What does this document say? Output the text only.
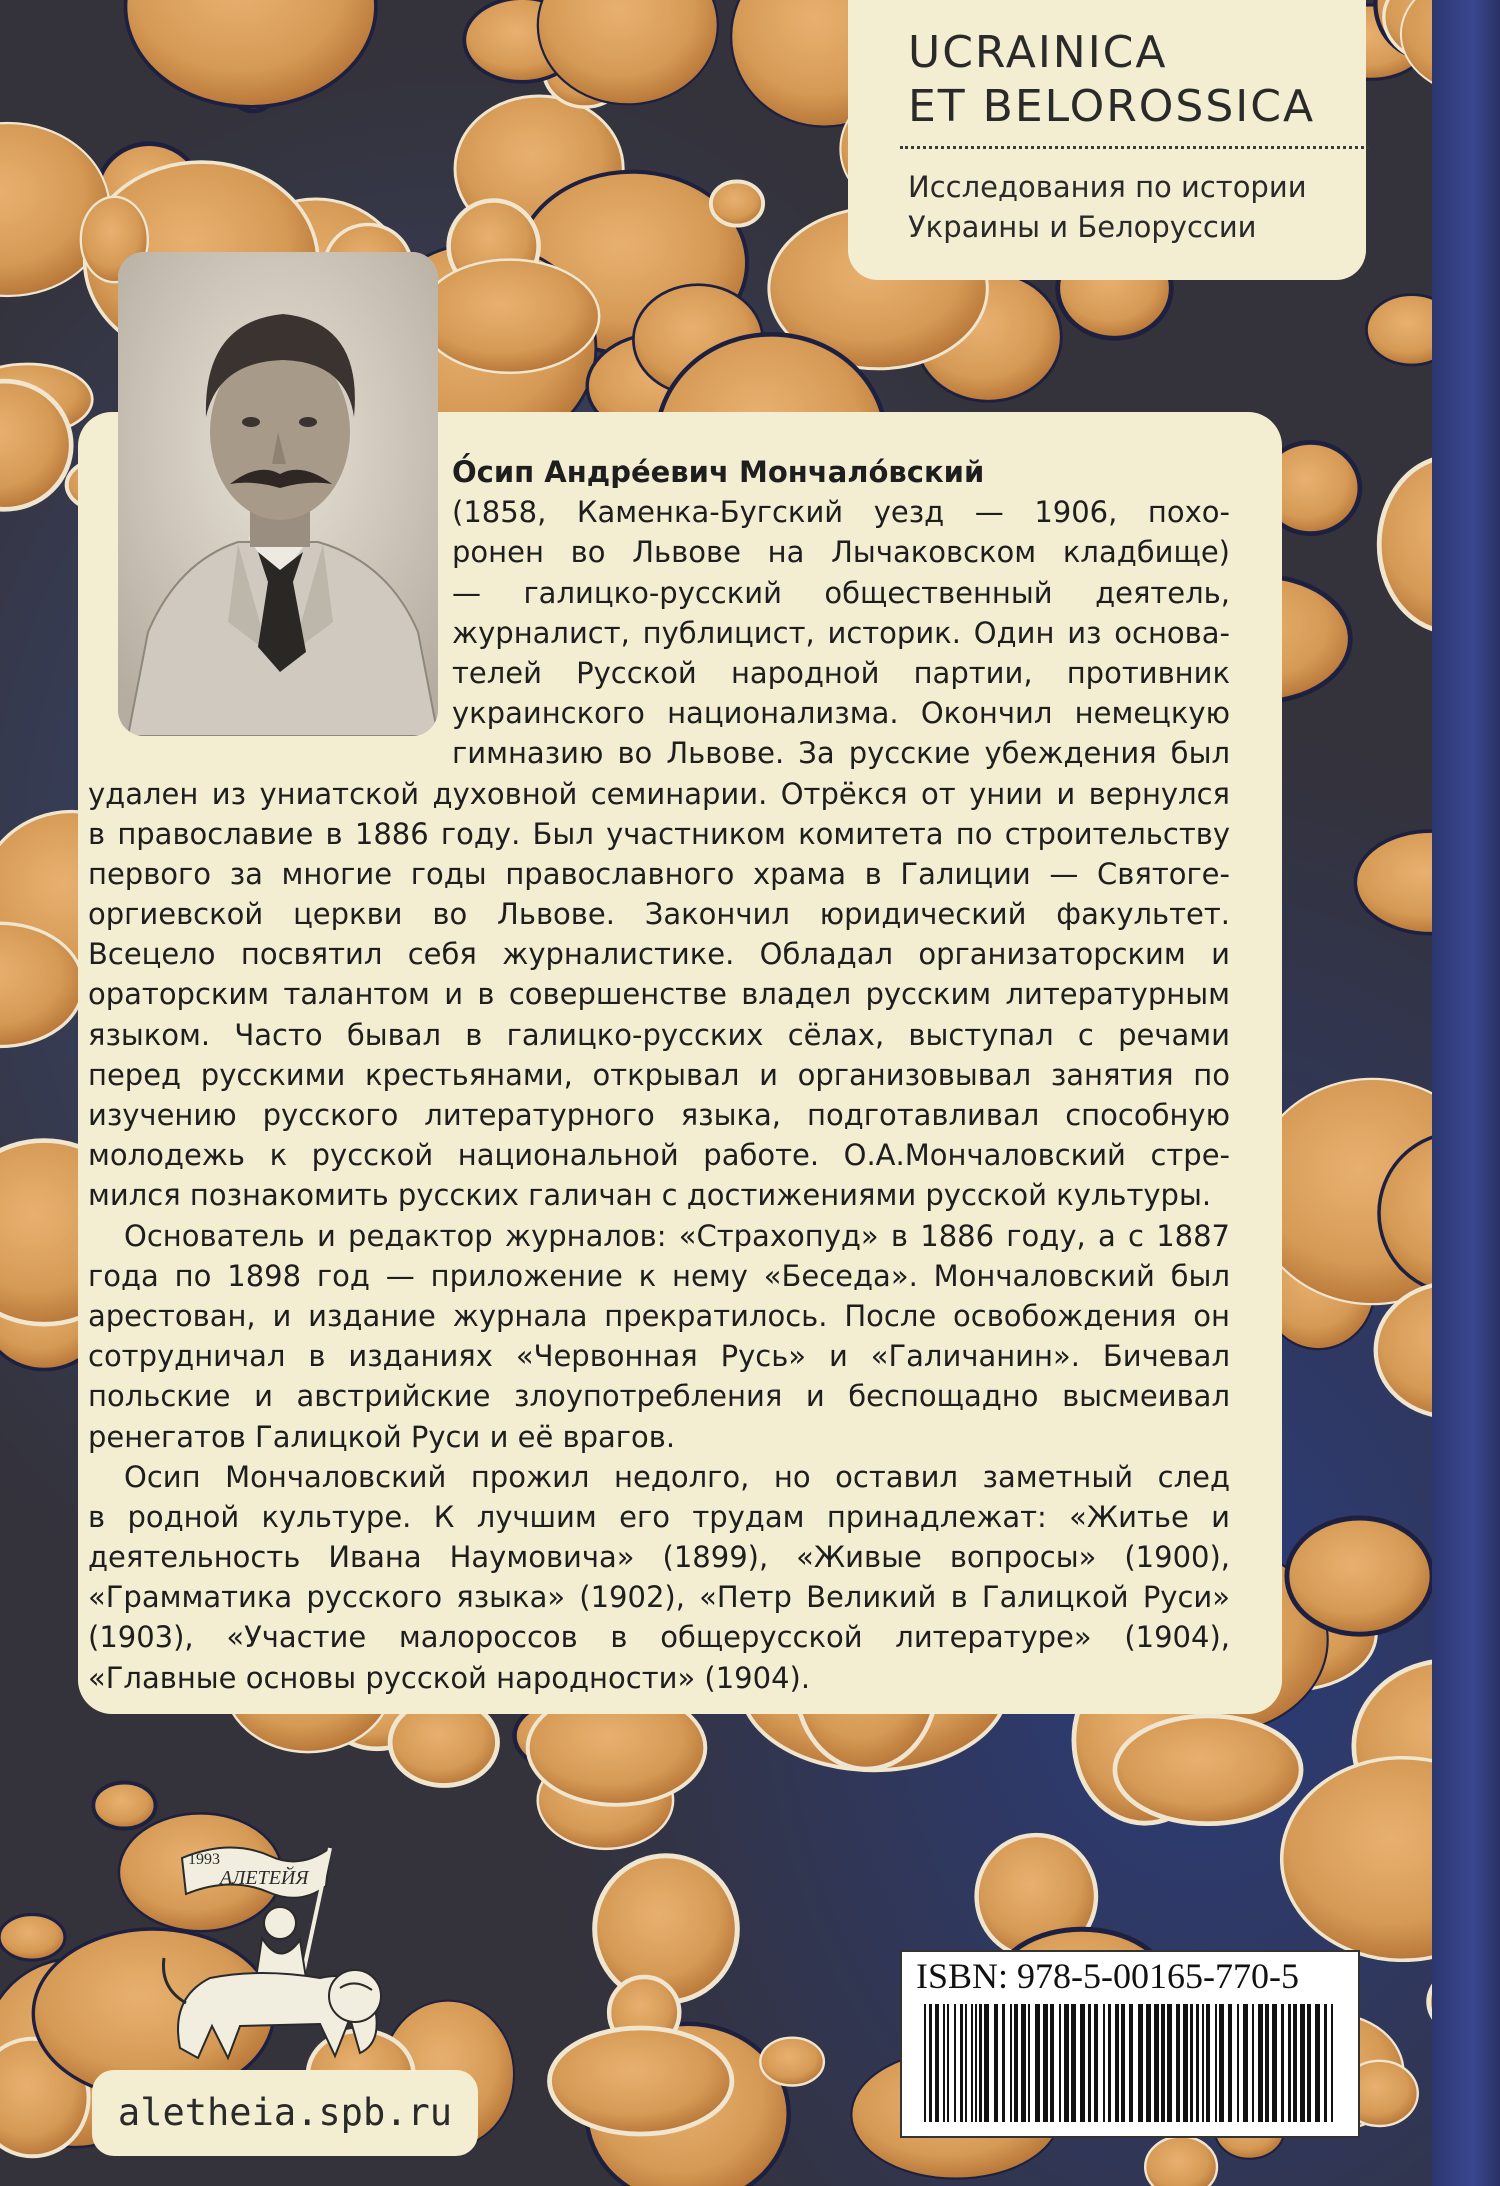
UCRAINICA
ET BELOROSSICA
Исследования по истории
Украины и Белоруссии
О́сип Андре́евич Мончало́вский
(1858, Каменка-Бугский уезд — 1906, похо-
ронен во Львове на Лычаковском кладбище)
— галицко-русский общественный деятель,
журналист, публицист, историк. Один из основа-
телей Русской народной партии, противник
украинского национализма. Окончил немецкую
гимназию во Львове. За русские убеждения был
удален из униатской духовной семинарии. Отрёкся от унии и вернулся
в православие в 1886 году. Был участником комитета по строительству
первого за многие годы православного храма в Галиции — Святоге-
оргиевской церкви во Львове. Закончил юридический факультет.
Всецело посвятил себя журналистике. Обладал организаторским и
ораторским талантом и в совершенстве владел русским литературным
языком. Часто бывал в галицко-русских сёлах, выступал с речами
перед русскими крестьянами, открывал и организовывал занятия по
изучению русского литературного языка, подготавливал способную
молодежь к русской национальной работе. О.А.Мончаловский стре-
мился познакомить русских галичан с достижениями русской культуры.
Основатель и редактор журналов: «Страхопуд» в 1886 году, а с 1887
года по 1898 год — приложение к нему «Беседа». Мончаловский был
арестован, и издание журнала прекратилось. После освобождения он
сотрудничал в изданиях «Червонная Русь» и «Галичанин». Бичевал
польские и австрийские злоупотребления и беспощадно высмеивал
ренегатов Галицкой Руси и её врагов.
Осип Мончаловский прожил недолго, но оставил заметный след
в родной культуре. К лучшим его трудам принадлежат: «Житье и
деятельность Ивана Наумовича» (1899), «Живые вопросы» (1900),
«Грамматика русского языка» (1902), «Петр Великий в Галицкой Руси»
(1903), «Участие малороссов в общерусской литературе» (1904),
«Главные основы русской народности» (1904).
1993
АЛЕТЕЙЯ
aletheia.spb.ru
ISBN: 978-5-00165-770-5
